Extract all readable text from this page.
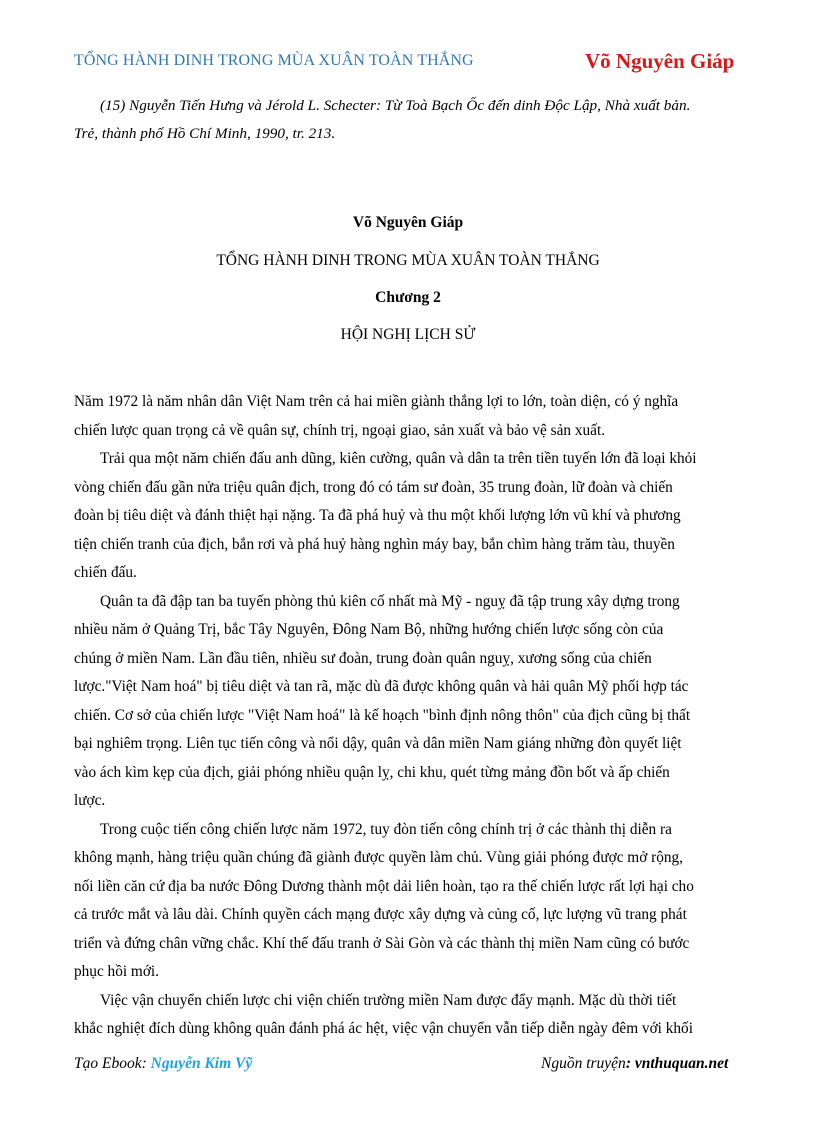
TỔNG HÀNH DINH TRONG MÙA XUÂN TOÀN THẮNG	Võ Nguyên Giáp
(15) Nguyễn Tiến Hưng và Jérold L. Schecter: Từ Toà Bạch Ốc đến dinh Độc Lập, Nhà xuất bản.
Trẻ, thành phố Hồ Chí Minh, 1990, tr. 213.
Võ Nguyên Giáp
TỔNG HÀNH DINH TRONG MÙA XUÂN TOÀN THẮNG
Chương 2
HỘI NGHỊ LỊCH SỬ

Năm 1972 là năm nhân dân Việt Nam trên cả hai miền giành thắng lợi to lớn, toàn diện, có ý nghĩa
chiến lược quan trọng cả về quân sự, chính trị, ngoại giao, sản xuất và bảo vệ sản xuất.

Trải qua một năm chiến đấu anh dũng, kiên cường, quân và dân ta trên tiền tuyến lớn đã loại khỏi
vòng chiến đấu gần nửa triệu quân địch, trong đó có tám sư đoàn, 35 trung đoàn, lữ đoàn và chiến
đoàn bị tiêu diệt và đánh thiệt hại nặng. Ta đã phá huỷ và thu một khối lượng lớn vũ khí và phương
tiện chiến tranh của địch, bắn rơi và phá huỷ hàng nghìn máy bay, bắn chìm hàng trăm tàu, thuyền
chiến đấu.

Quân ta đã đập tan ba tuyến phòng thủ kiên cố nhất mà Mỹ - nguỵ đã tập trung xây dựng trong
nhiều năm ở Quảng Trị, bắc Tây Nguyên, Đông Nam Bộ, những hướng chiến lược sống còn của
chúng ở miền Nam. Lần đầu tiên, nhiều sư đoàn, trung đoàn quân nguỵ, xương sống của chiến
lược."Việt Nam hoá" bị tiêu diệt và tan rã, mặc dù đã được không quân và hải quân Mỹ phối hợp tác
chiến. Cơ sở của chiến lược "Việt Nam hoá" là kế hoạch "bình định nông thôn" của địch cũng bị thất
bại nghiêm trọng. Liên tục tiến công và nổi dậy, quân và dân miền Nam giáng những đòn quyết liệt
vào ách kìm kẹp của địch, giải phóng nhiều quận lỵ, chi khu, quét từng mảng đồn bốt và ấp chiến
lược.

Trong cuộc tiến công chiến lược năm 1972, tuy đòn tiến công chính trị ở các thành thị diễn ra
không mạnh, hàng triệu quần chúng đã giành được quyền làm chủ. Vùng giải phóng được mở rộng,
nối liền căn cứ địa ba nước Đông Dương thành một dải liên hoàn, tạo ra thế chiến lược rất lợi hại cho
cả trước mắt và lâu dài. Chính quyền cách mạng được xây dựng và củng cố, lực lượng vũ trang phát
triển và đứng chân vững chắc. Khí thế đấu tranh ở Sài Gòn và các thành thị miền Nam cũng có bước
phục hồi mới.

Việc vận chuyển chiến lược chi viện chiến trường miền Nam được đẩy mạnh. Mặc dù thời tiết
khắc nghiệt đích dùng không quân đánh phá ác hệt, việc vận chuyển vẫn tiếp diễn ngày đêm với khối

Tạo Ebook: Nguyễn Kim Vỹ	Nguồn truyện: vnthuquan.net
